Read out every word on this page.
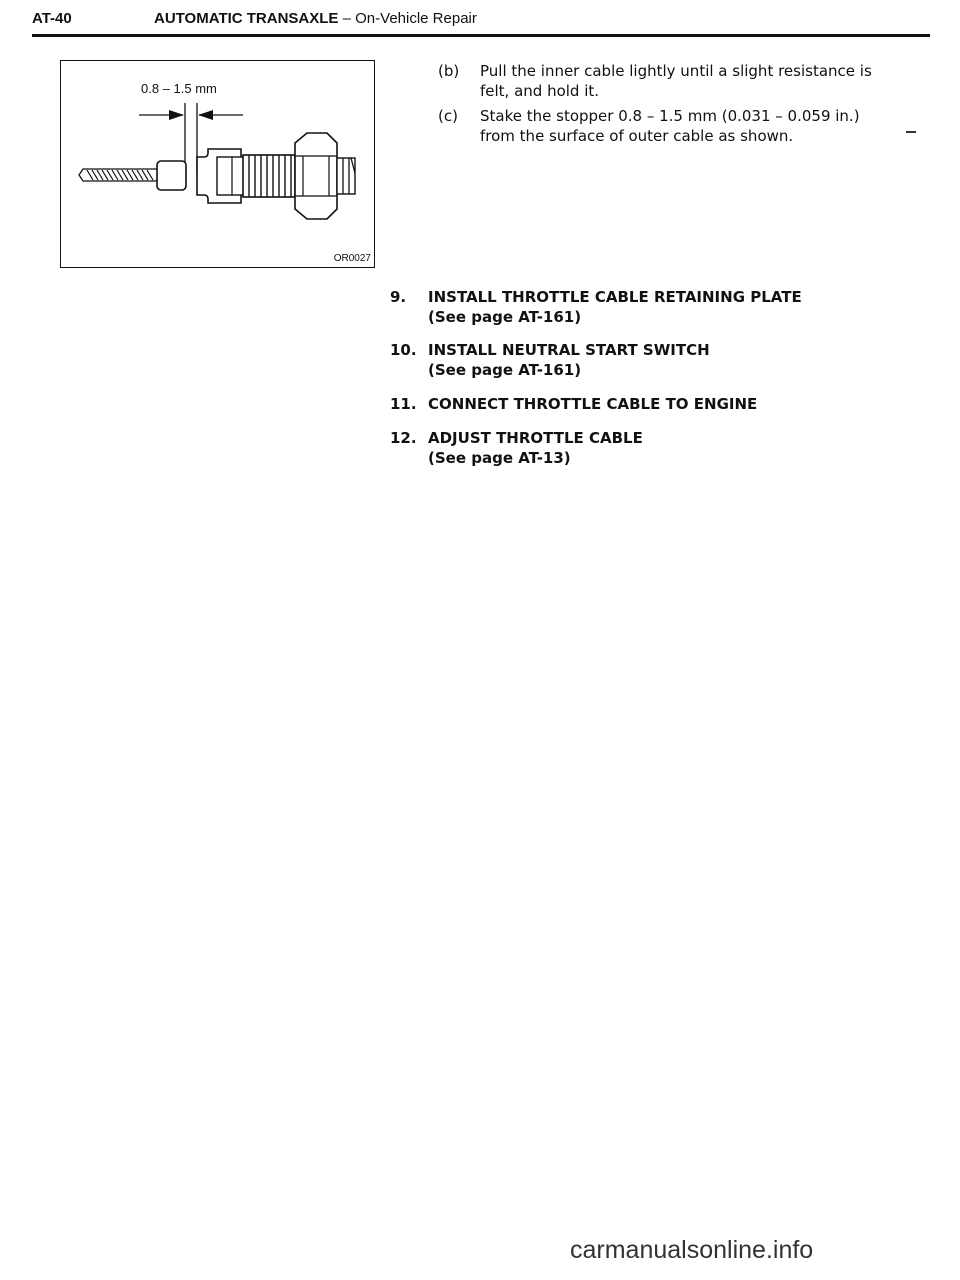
AT-40	AUTOMATIC TRANSAXLE – On-Vehicle Repair
0.8 – 1.5 mm
OR0027
(b) Pull the inner cable lightly until a slight resistance is
felt, and hold it.
(c) Stake the stopper 0.8 – 1.5 mm (0.031 – 0.059 in.)
from the surface of outer cable as shown.
9.	INSTALL THROTTLE CABLE RETAINING PLATE
(See page AT-161)
10. INSTALL NEUTRAL START SWITCH
(See page AT-161)
11. CONNECT THROTTLE CABLE TO ENGINE
12. ADJUST THROTTLE CABLE
(See page AT-13)
carmanualsonline.info
